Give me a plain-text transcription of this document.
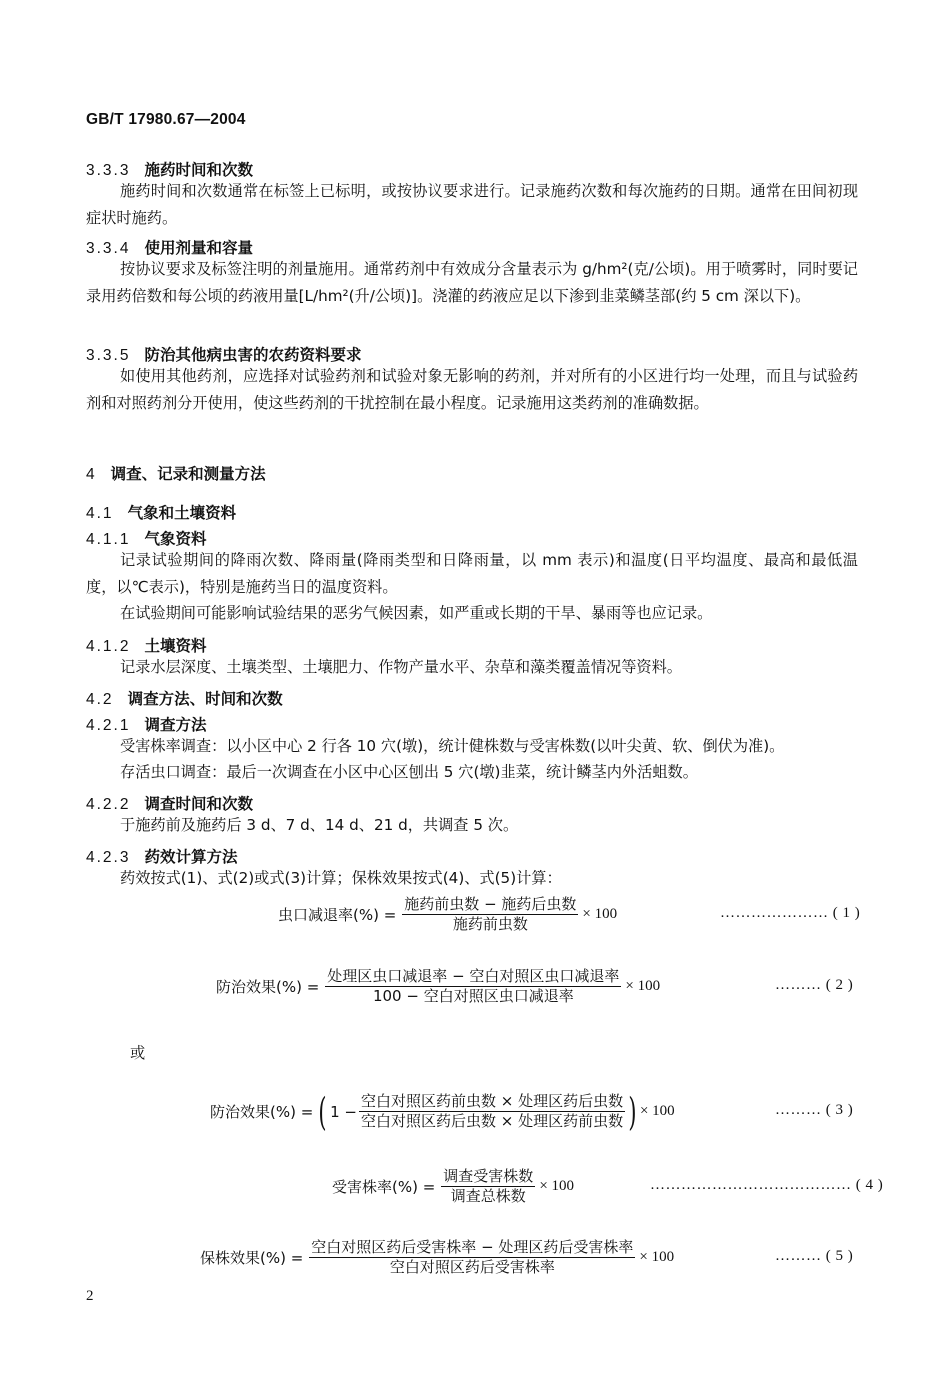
GB/T 17980.67—2004
3.3.3 施药时间和次数
施药时间和次数通常在标签上已标明，或按协议要求进行。记录施药次数和每次施药的日期。通常在田间初现症状时施药。
3.3.4 使用剂量和容量
按协议要求及标签注明的剂量施用。通常药剂中有效成分含量表示为 g/hm²(克/公顷)。用于喷雾时，同时要记录用药倍数和每公顷的药液用量[L/hm²(升/公顷)]。浇灌的药液应足以下渗到韭菜鳞茎部(约 5 cm 深以下)。
3.3.5 防治其他病虫害的农药资料要求
如使用其他药剂，应选择对试验药剂和试验对象无影响的药剂，并对所有的小区进行均一处理，而且与试验药剂和对照药剂分开使用，使这些药剂的干扰控制在最小程度。记录施用这类药剂的准确数据。
4 调查、记录和测量方法
4.1 气象和土壤资料
4.1.1 气象资料
记录试验期间的降雨次数、降雨量(降雨类型和日降雨量，以 mm 表示)和温度(日平均温度、最高和最低温度，以℃表示)，特别是施药当日的温度资料。
在试验期间可能影响试验结果的恶劣气候因素，如严重或长期的干旱、暴雨等也应记录。
4.1.2 土壤资料
记录水层深度、土壤类型、土壤肥力、作物产量水平、杂草和藻类覆盖情况等资料。
4.2 调查方法、时间和次数
4.2.1 调查方法
受害株率调查：以小区中心 2 行各 10 穴(墩)，统计健株数与受害株数(以叶尖黄、软、倒伏为准)。
存活虫口调查：最后一次调查在小区中心区刨出 5 穴(墩)韭菜，统计鳞茎内外活蛆数。
4.2.2 调查时间和次数
于施药前及施药后 3 d、7 d、14 d、21 d，共调查 5 次。
4.2.3 药效计算方法
药效按式(1)、式(2)或式(3)计算；保株效果按式(4)、式(5)计算：
虫口减退率(%) = $\frac{\text{施药前虫数 − 施药后虫数}}{\text{施药前虫数}} \times 100$	………………… ( 1 )
防治效果(%) = $\frac{\text{处理区虫口减退率 − 空白对照区虫口减退率}}{\text{100 − 空白对照区虫口减退率}} \times 100$	……… ( 2 )
或
防治效果(%) = ( $1 - \frac{\text{空白对照区药前虫数 × 处理区药后虫数}}{\text{空白对照区药后虫数 × 处理区药前虫数}}$ ) × 100	……… ( 3 )
受害株率(%) = $\frac{\text{调查受害株数}}{\text{调查总株数}} \times 100$	………………………………… ( 4 )
保株效果(%) = $\frac{\text{空白对照区药后受害株率 − 处理区药后受害株率}}{\text{空白对照区药后受害株率}} \times 100$	……… ( 5 )
2
